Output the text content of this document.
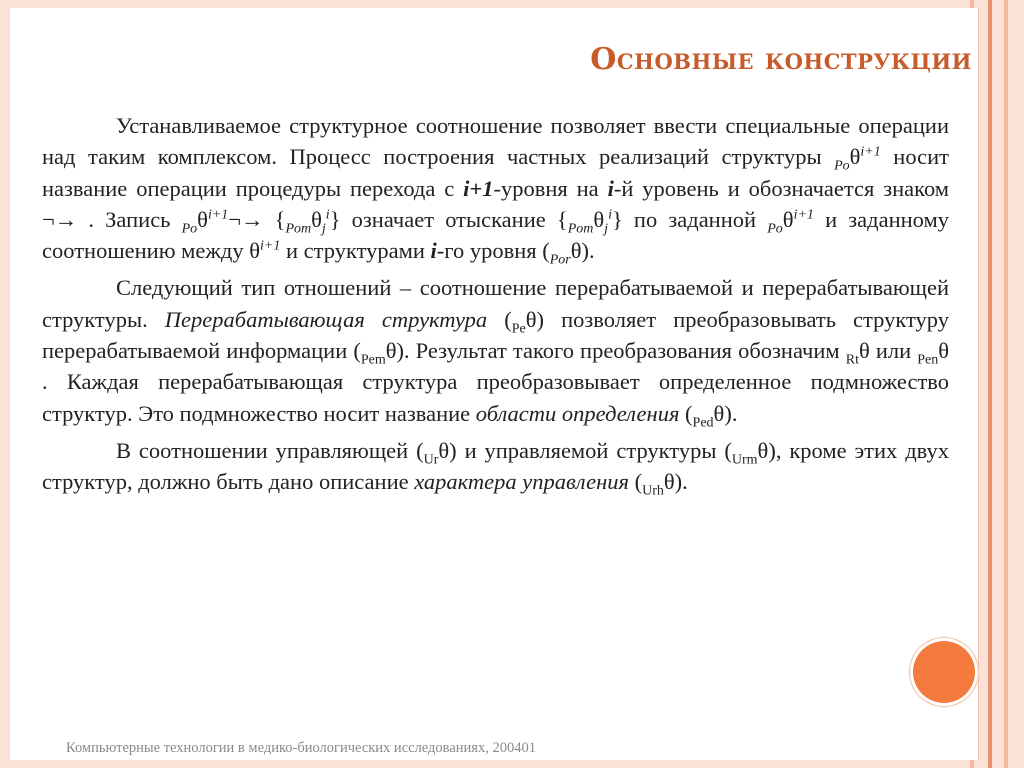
Основные конструкции

Устанавливаемое структурное соотношение позволяет ввести специальные операции над таким комплексом. Процесс построения частных реализаций структуры $_{Po}\theta^{i+1}$ носит название операции процедуры перехода с i+1-уровня на i-й уровень и обозначается знаком ¬→ . Запись $_{Po}\theta^{i+1}\neg\to \{_{Pom}\theta_j^i\}$ означает отыскание $\{_{Pom}\theta_j^i\}$ по заданной $_{Po}\theta^{i+1}$ и заданному соотношению между $\theta^{i+1}$ и структурами i-го уровня $(_{Por}\theta)$.

Следующий тип отношений – соотношение перерабатываемой и перерабатывающей структуры. Перерабатывающая структура $(_{Pe}\theta)$ позволяет преобразовывать структуру перерабатываемой информации $(_{Pem}\theta)$. Результат такого преобразования обозначим $_{Rt}$θ или $_{Pen}$θ . Каждая перерабатывающая структура преобразовывает определенное подмножество структур. Это подмножество носит название области определения $(_{Ped}\theta)$.

В соотношении управляющей $(_{Ur}\theta)$ и управляемой структуры $(_{Urm}\theta)$, кроме этих двух структур, должно быть дано описание характера управления $(_{Urh}\theta)$.

Компьютерные технологии в медико-биологических исследованиях, 200401
